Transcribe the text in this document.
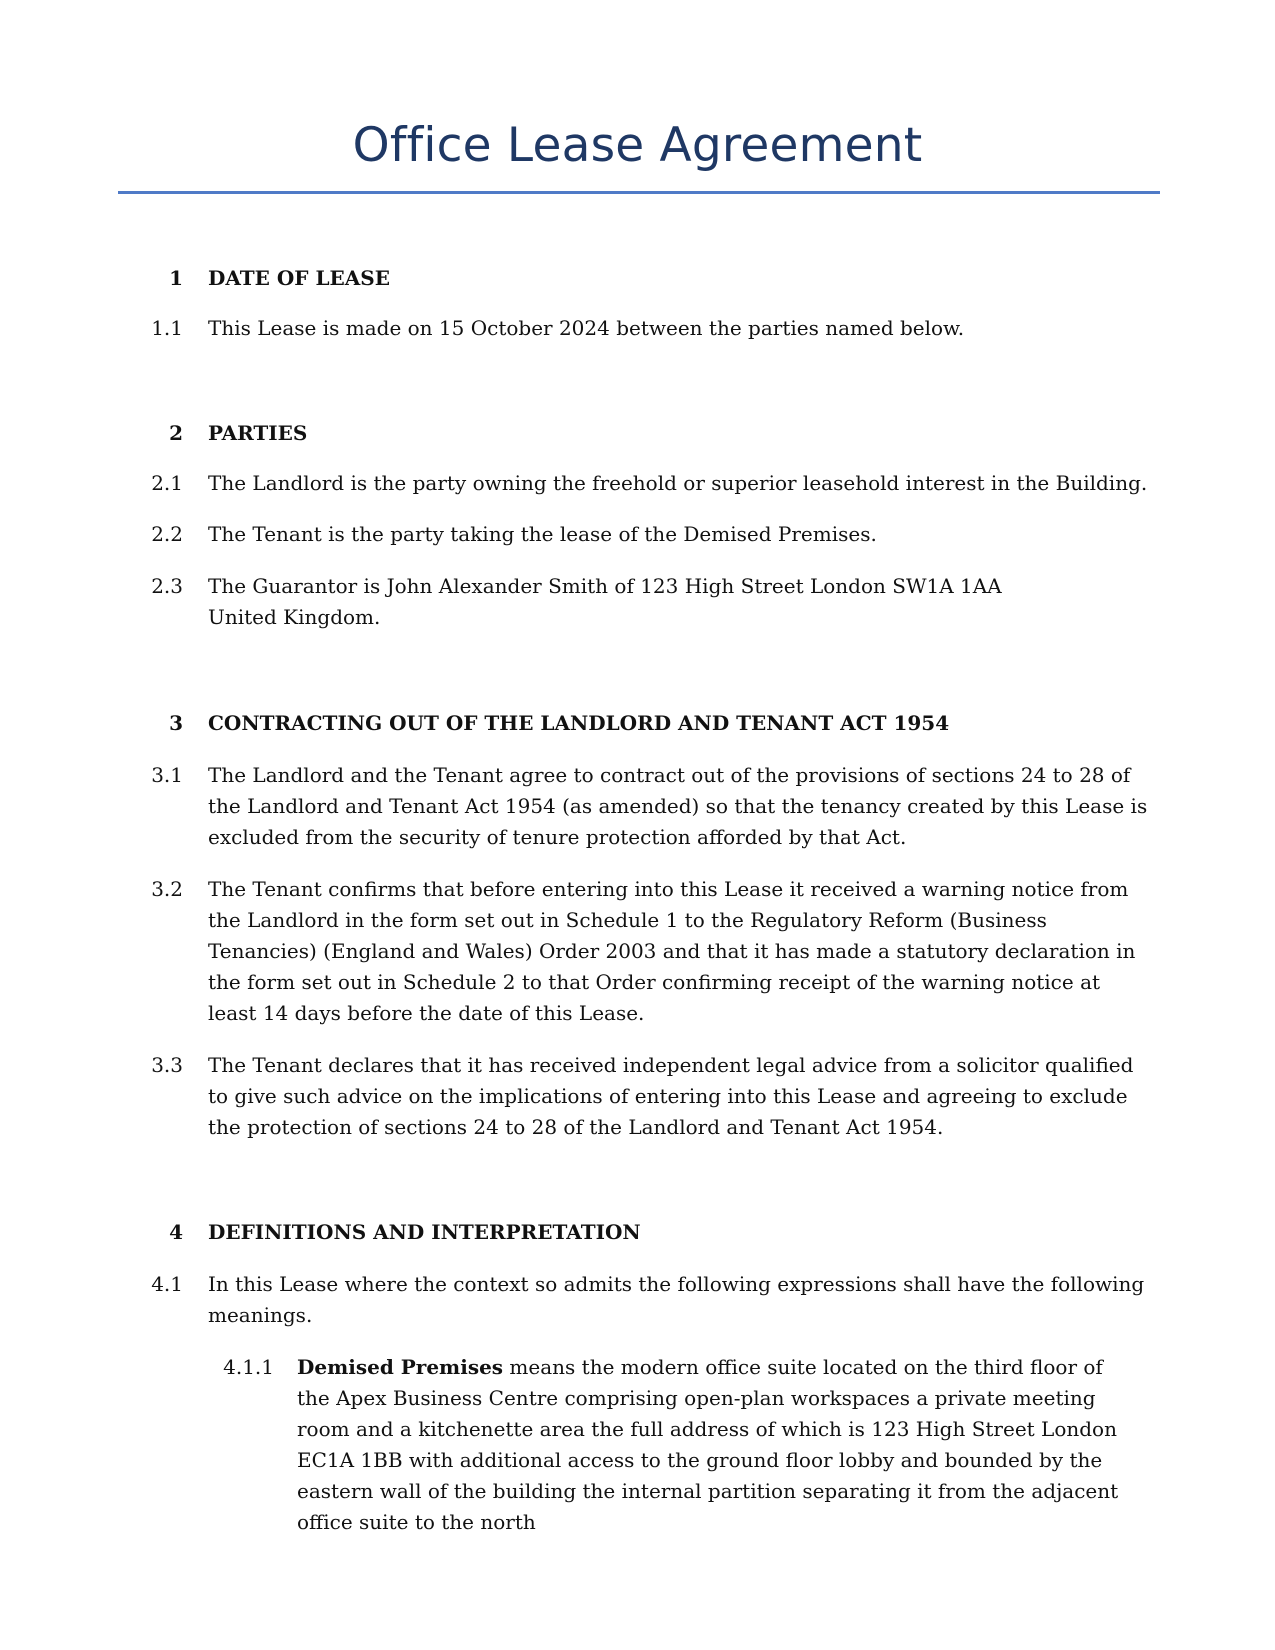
Office Lease Agreement
1 DATE OF LEASE
1.1 This Lease is made on 15 October 2024 between the parties named below.
2 PARTIES
2.1 The Landlord is the party owning the freehold or superior leasehold interest in the Building.
2.2 The Tenant is the party taking the lease of the Demised Premises.
2.3 The Guarantor is John Alexander Smith of 123 High Street London SW1A 1AA United Kingdom.
3 CONTRACTING OUT OF THE LANDLORD AND TENANT ACT 1954
3.1 The Landlord and the Tenant agree to contract out of the provisions of sections 24 to 28 of the Landlord and Tenant Act 1954 (as amended) so that the tenancy created by this Lease is excluded from the security of tenure protection afforded by that Act.
3.2 The Tenant confirms that before entering into this Lease it received a warning notice from the Landlord in the form set out in Schedule 1 to the Regulatory Reform (Business Tenancies) (England and Wales) Order 2003 and that it has made a statutory declaration in the form set out in Schedule 2 to that Order confirming receipt of the warning notice at least 14 days before the date of this Lease.
3.3 The Tenant declares that it has received independent legal advice from a solicitor qualified to give such advice on the implications of entering into this Lease and agreeing to exclude the protection of sections 24 to 28 of the Landlord and Tenant Act 1954.
4 DEFINITIONS AND INTERPRETATION
4.1 In this Lease where the context so admits the following expressions shall have the following meanings.
4.1.1 Demised Premises means the modern office suite located on the third floor of the Apex Business Centre comprising open-plan workspaces a private meeting room and a kitchenette area the full address of which is 123 High Street London EC1A 1BB with additional access to the ground floor lobby and bounded by the eastern wall of the building the internal partition separating it from the adjacent office suite to the north
